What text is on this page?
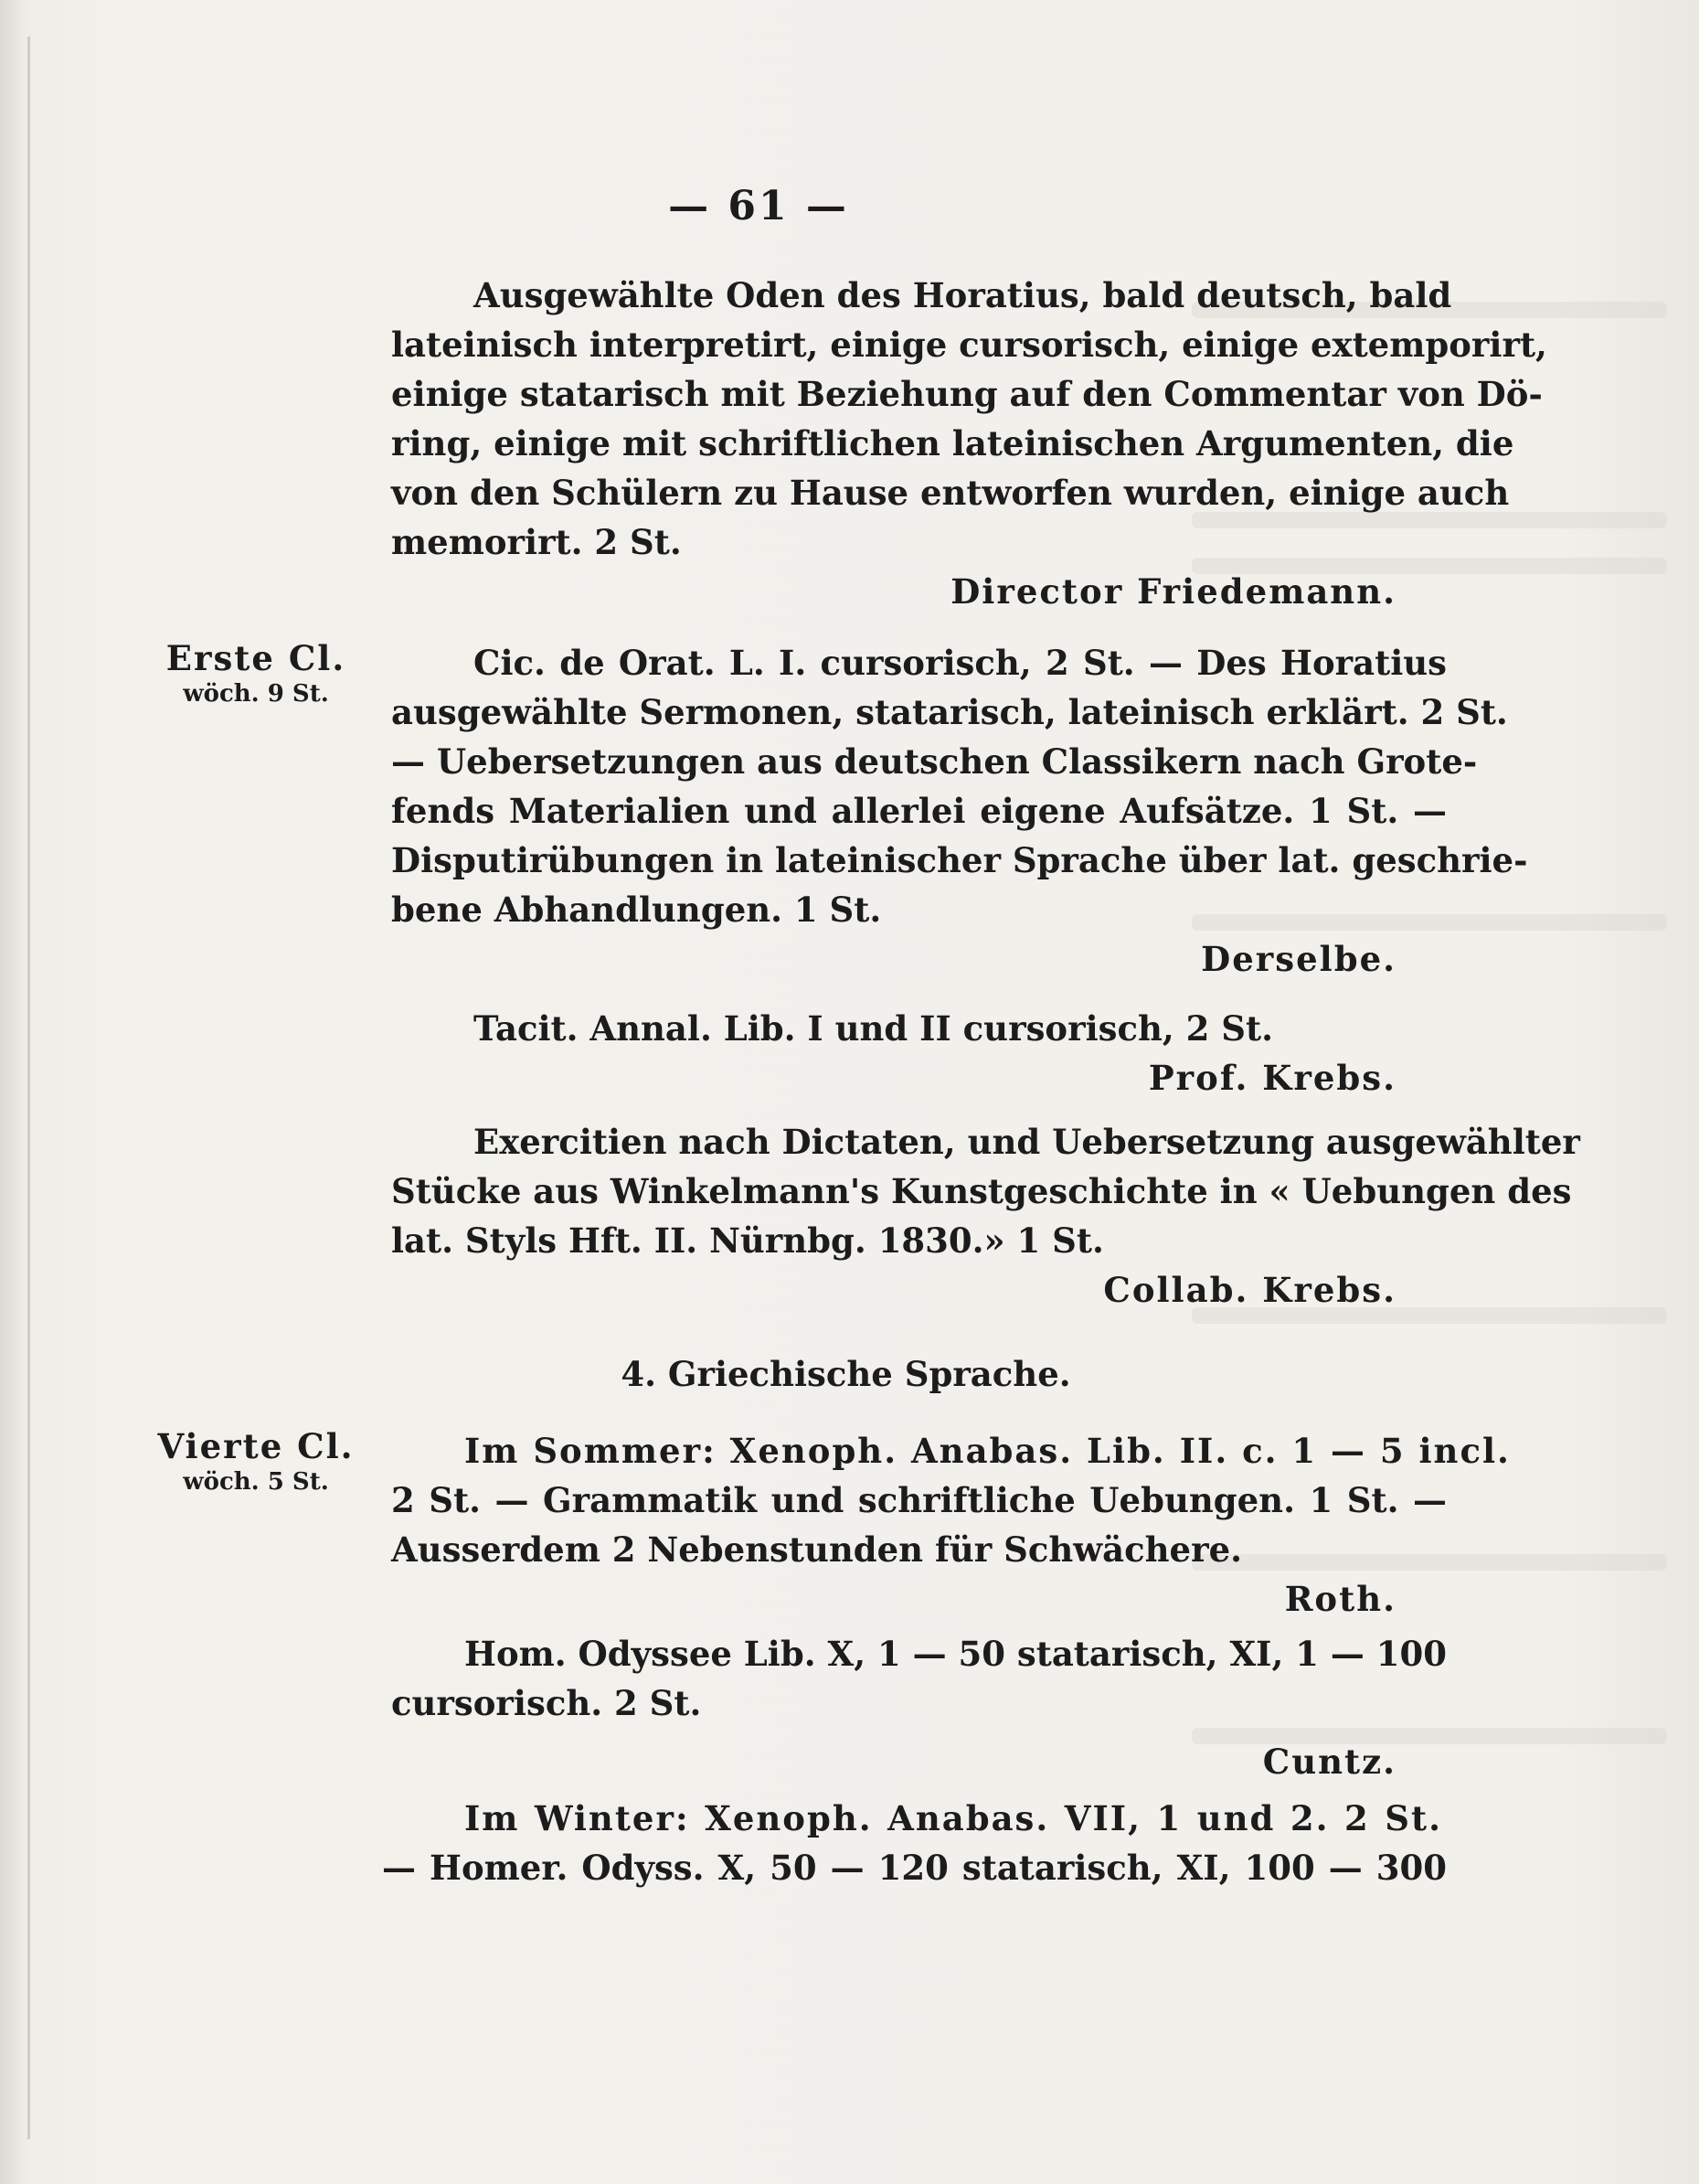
— 61 —
Ausgewählte Oden des Horatius, bald deutsch, bald
lateinisch interpretirt, einige cursorisch, einige extemporirt,
einige statarisch mit Beziehung auf den Commentar von Dö-
ring, einige mit schriftlichen lateinischen Argumenten, die
von den Schülern zu Hause entworfen wurden, einige auch
memorirt. 2 St.
Director Friedemann.
Erste Cl.
wöch. 9 St.
Cic. de Orat. L. I. cursorisch, 2 St. — Des Horatius
ausgewählte Sermonen, statarisch, lateinisch erklärt. 2 St.
— Uebersetzungen aus deutschen Classikern nach Grote-
fends Materialien und allerlei eigene Aufsätze. 1 St. —
Disputirübungen in lateinischer Sprache über lat. geschrie-
bene Abhandlungen. 1 St.
Derselbe.
Tacit. Annal. Lib. I und II cursorisch, 2 St.
Prof. Krebs.
Exercitien nach Dictaten, und Uebersetzung ausgewählter
Stücke aus Winkelmann's Kunstgeschichte in « Uebungen des
lat. Styls Hft. II. Nürnbg. 1830.» 1 St.
Collab. Krebs.
4. Griechische Sprache.
Vierte Cl.
wöch. 5 St.
Im Sommer: Xenoph. Anabas. Lib. II. c. 1 — 5 incl.
2 St. — Grammatik und schriftliche Uebungen. 1 St. —
Ausserdem 2 Nebenstunden für Schwächere.
Roth.
Hom. Odyssee Lib. X, 1 — 50 statarisch, XI, 1 — 100
cursorisch. 2 St.
Cuntz.
Im Winter: Xenoph. Anabas. VII, 1 und 2. 2 St.
— Homer. Odyss. X, 50 — 120 statarisch, XI, 100 — 300
